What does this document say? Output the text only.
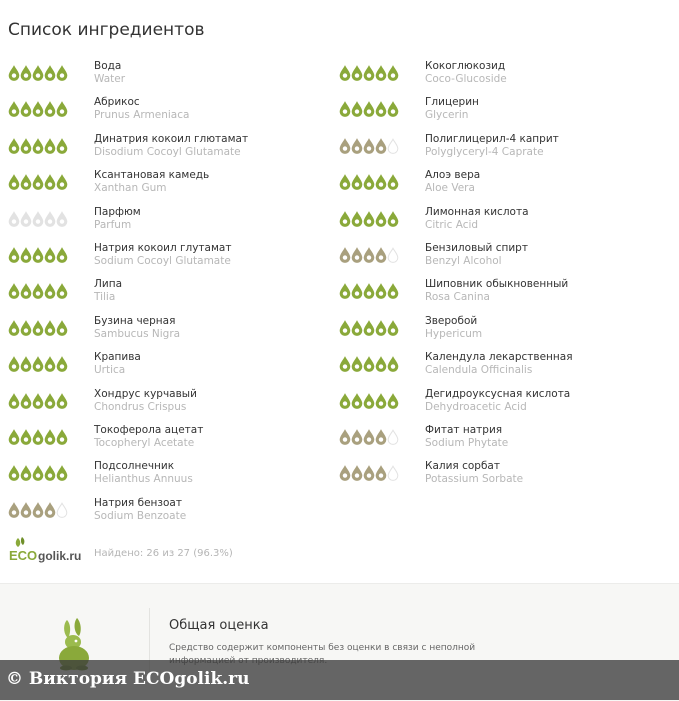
Список ингредиентов
Вода
Water
Абрикос
Prunus Armeniaca
Динатрия кокоил глютамат
Disodium Cocoyl Glutamate
Ксантановая камедь
Xanthan Gum
Парфюм
Parfum
Натрия кокоил глутамат
Sodium Cocoyl Glutamate
Липа
Tilia
Бузина черная
Sambucus Nigra
Крапива
Urtica
Хондрус курчавый
Chondrus Crispus
Токоферола ацетат
Tocopheryl Acetate
Подсолнечник
Helianthus Annuus
Натрия бензоат
Sodium Benzoate
Кокоглюкозид
Coco-Glucoside
Глицерин
Glycerin
Полиглицерил-4 каприт
Polyglyceryl-4 Caprate
Алоэ вера
Aloe Vera
Лимонная кислота
Citric Acid
Бензиловый спирт
Benzyl Alcohol
Шиповник обыкновенный
Rosa Canina
Зверобой
Hypericum
Календула лекарственная
Calendula Officinalis
Дегидроуксусная кислота
Dehydroacetic Acid
Фитат натрия
Sodium Phytate
Калия сорбат
Potassium Sorbate
ECO golik.ru Найдено: 26 из 27 (96.3%)
Общая оценка
Средство содержит компоненты без оценки в связи с неполной
© Виктория ECOgolik.ru
